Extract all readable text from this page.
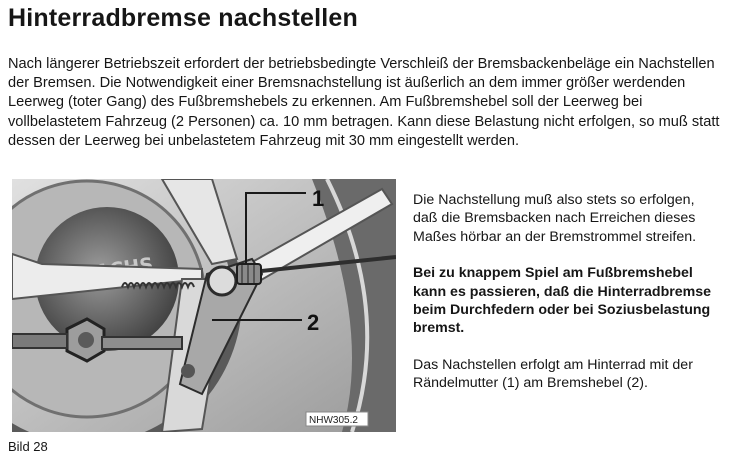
Hinterradbremse nachstellen

Nach längerer Betriebszeit erfordert der betriebsbedingte Verschleiß der Bremsbackenbeläge ein Nachstellen der Bremsen. Die Notwendigkeit einer Bremsnachstellung ist äußerlich an dem immer größer werdenden Leerweg (toter Gang) des Fußbremshebels zu erkennen. Am Fußbremshebel soll der Leerweg bei vollbelastetem Fahrzeug (2 Personen) ca. 10 mm betragen. Kann diese Belastung nicht erfolgen, so muß statt dessen der Leerweg bei unbelastetem Fahrzeug mit 30 mm eingestellt werden.

1
2
NHW305.2
Bild 28

Die Nachstellung muß also stets so erfolgen, daß die Bremsbacken nach Erreichen dieses Maßes hörbar an der Bremstrommel streifen.

Bei zu knappem Spiel am Fußbremshebel kann es passieren, daß die Hinterradbremse beim Durchfedern oder bei Soziusbelastung bremst.

Das Nachstellen erfolgt am Hinterrad mit der Rändelmutter (1) am Bremshebel (2).
